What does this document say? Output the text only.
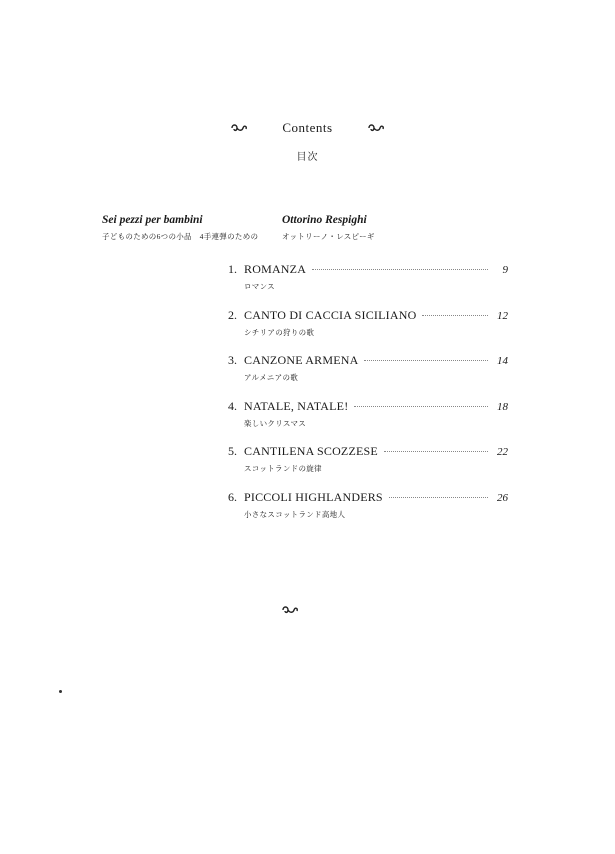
Contents
目次
Sei pezzi per bambini	Ottorino Respighi
子どものための6つの小品　4手連弾のための	オットリーノ・レスピーギ
1. ROMANZA	9
ロマンス
2. CANTO DI CACCIA SICILIANO	12
シチリアの狩りの歌
3. CANZONE ARMENA	14
アルメニアの歌
4. NATALE, NATALE!	18
楽しいクリスマス
5. CANTILENA SCOZZESE	22
スコットランドの旋律
6. PICCOLI HIGHLANDERS	26
小さなスコットランド高地人
